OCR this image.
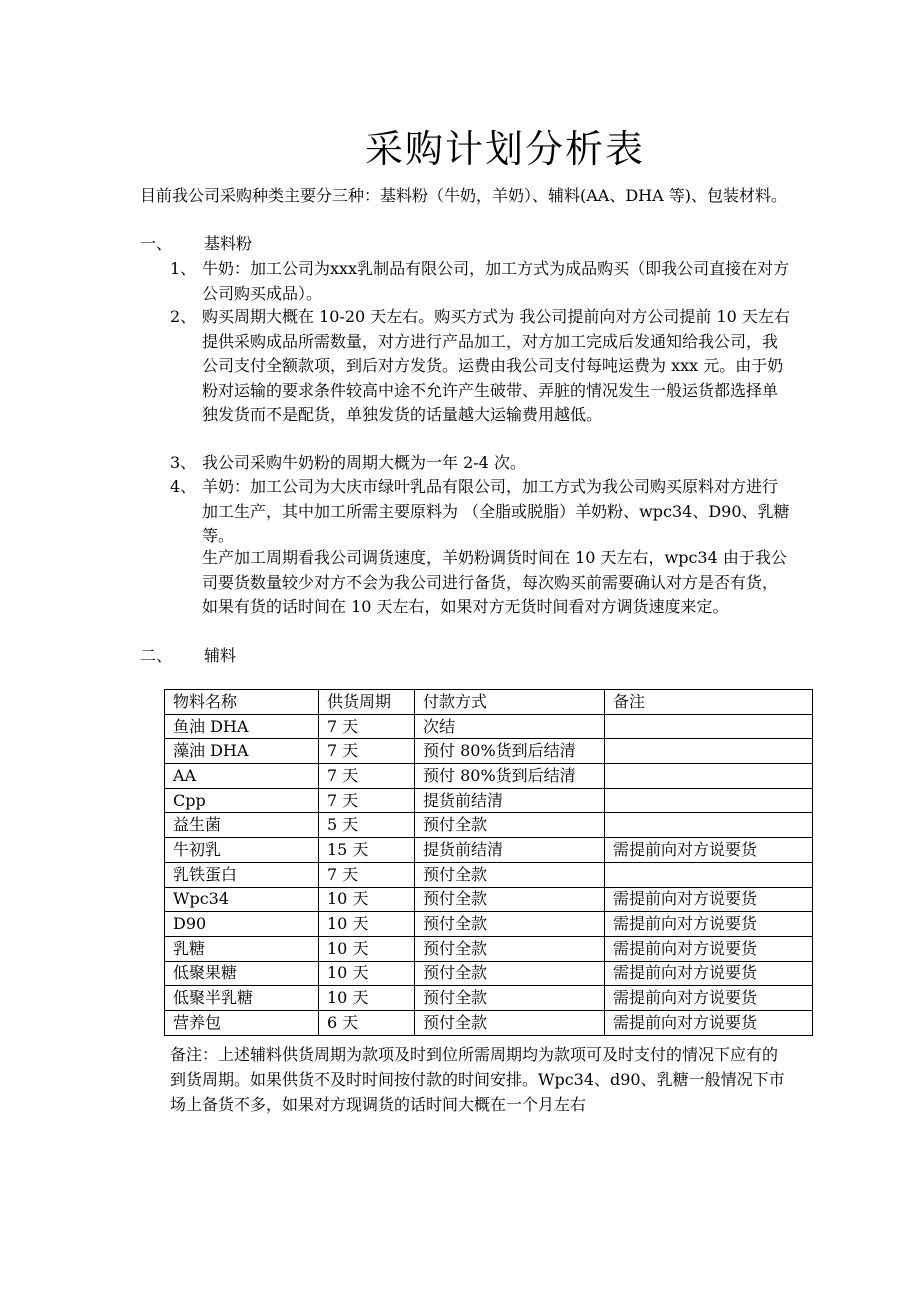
采购计划分析表

目前我公司采购种类主要分三种：基料粉（牛奶，羊奶）、辅料(AA、DHA 等)、包装材料。

一、 基料粉
1、 牛奶：加工公司为xxx乳制品有限公司，加工方式为成品购买（即我公司直接在对方公司购买成品）。
2、 购买周期大概在 10-20 天左右。购买方式为 我公司提前向对方公司提前 10 天左右提供采购成品所需数量，对方进行产品加工，对方加工完成后发通知给我公司，我公司支付全额款项，到后对方发货。运费由我公司支付每吨运费为 xxx 元。由于奶粉对运输的要求条件较高中途不允许产生破带、弄脏的情况发生一般运货都选择单独发货而不是配货，单独发货的话量越大运输费用越低。
3、 我公司采购牛奶粉的周期大概为一年 2-4 次。
4、 羊奶：加工公司为大庆市绿叶乳品有限公司，加工方式为我公司购买原料对方进行加工生产，其中加工所需主要原料为 （全脂或脱脂）羊奶粉、wpc34、D90、乳糖等。
生产加工周期看我公司调货速度，羊奶粉调货时间在 10 天左右，wpc34 由于我公司要货数量较少对方不会为我公司进行备货，每次购买前需要确认对方是否有货，如果有货的话时间在 10 天左右，如果对方无货时间看对方调货速度来定。
二、 辅料
物料名称	供货周期	付款方式	备注
鱼油 DHA	7 天	次结	
藻油 DHA	7 天	预付 80%货到后结清	
AA	7 天	预付 80%货到后结清	
Cpp	7 天	提货前结清	
益生菌	5 天	预付全款	
牛初乳	15 天	提货前结清	需提前向对方说要货
乳铁蛋白	7 天	预付全款	
Wpc34	10 天	预付全款	需提前向对方说要货
D90	10 天	预付全款	需提前向对方说要货
乳糖	10 天	预付全款	需提前向对方说要货
低聚果糖	10 天	预付全款	需提前向对方说要货
低聚半乳糖	10 天	预付全款	需提前向对方说要货
营养包	6 天	预付全款	需提前向对方说要货
备注：上述辅料供货周期为款项及时到位所需周期均为款项可及时支付的情况下应有的到货周期。如果供货不及时时间按付款的时间安排。Wpc34、d90、乳糖一般情况下市场上备货不多，如果对方现调货的话时间大概在一个月左右
